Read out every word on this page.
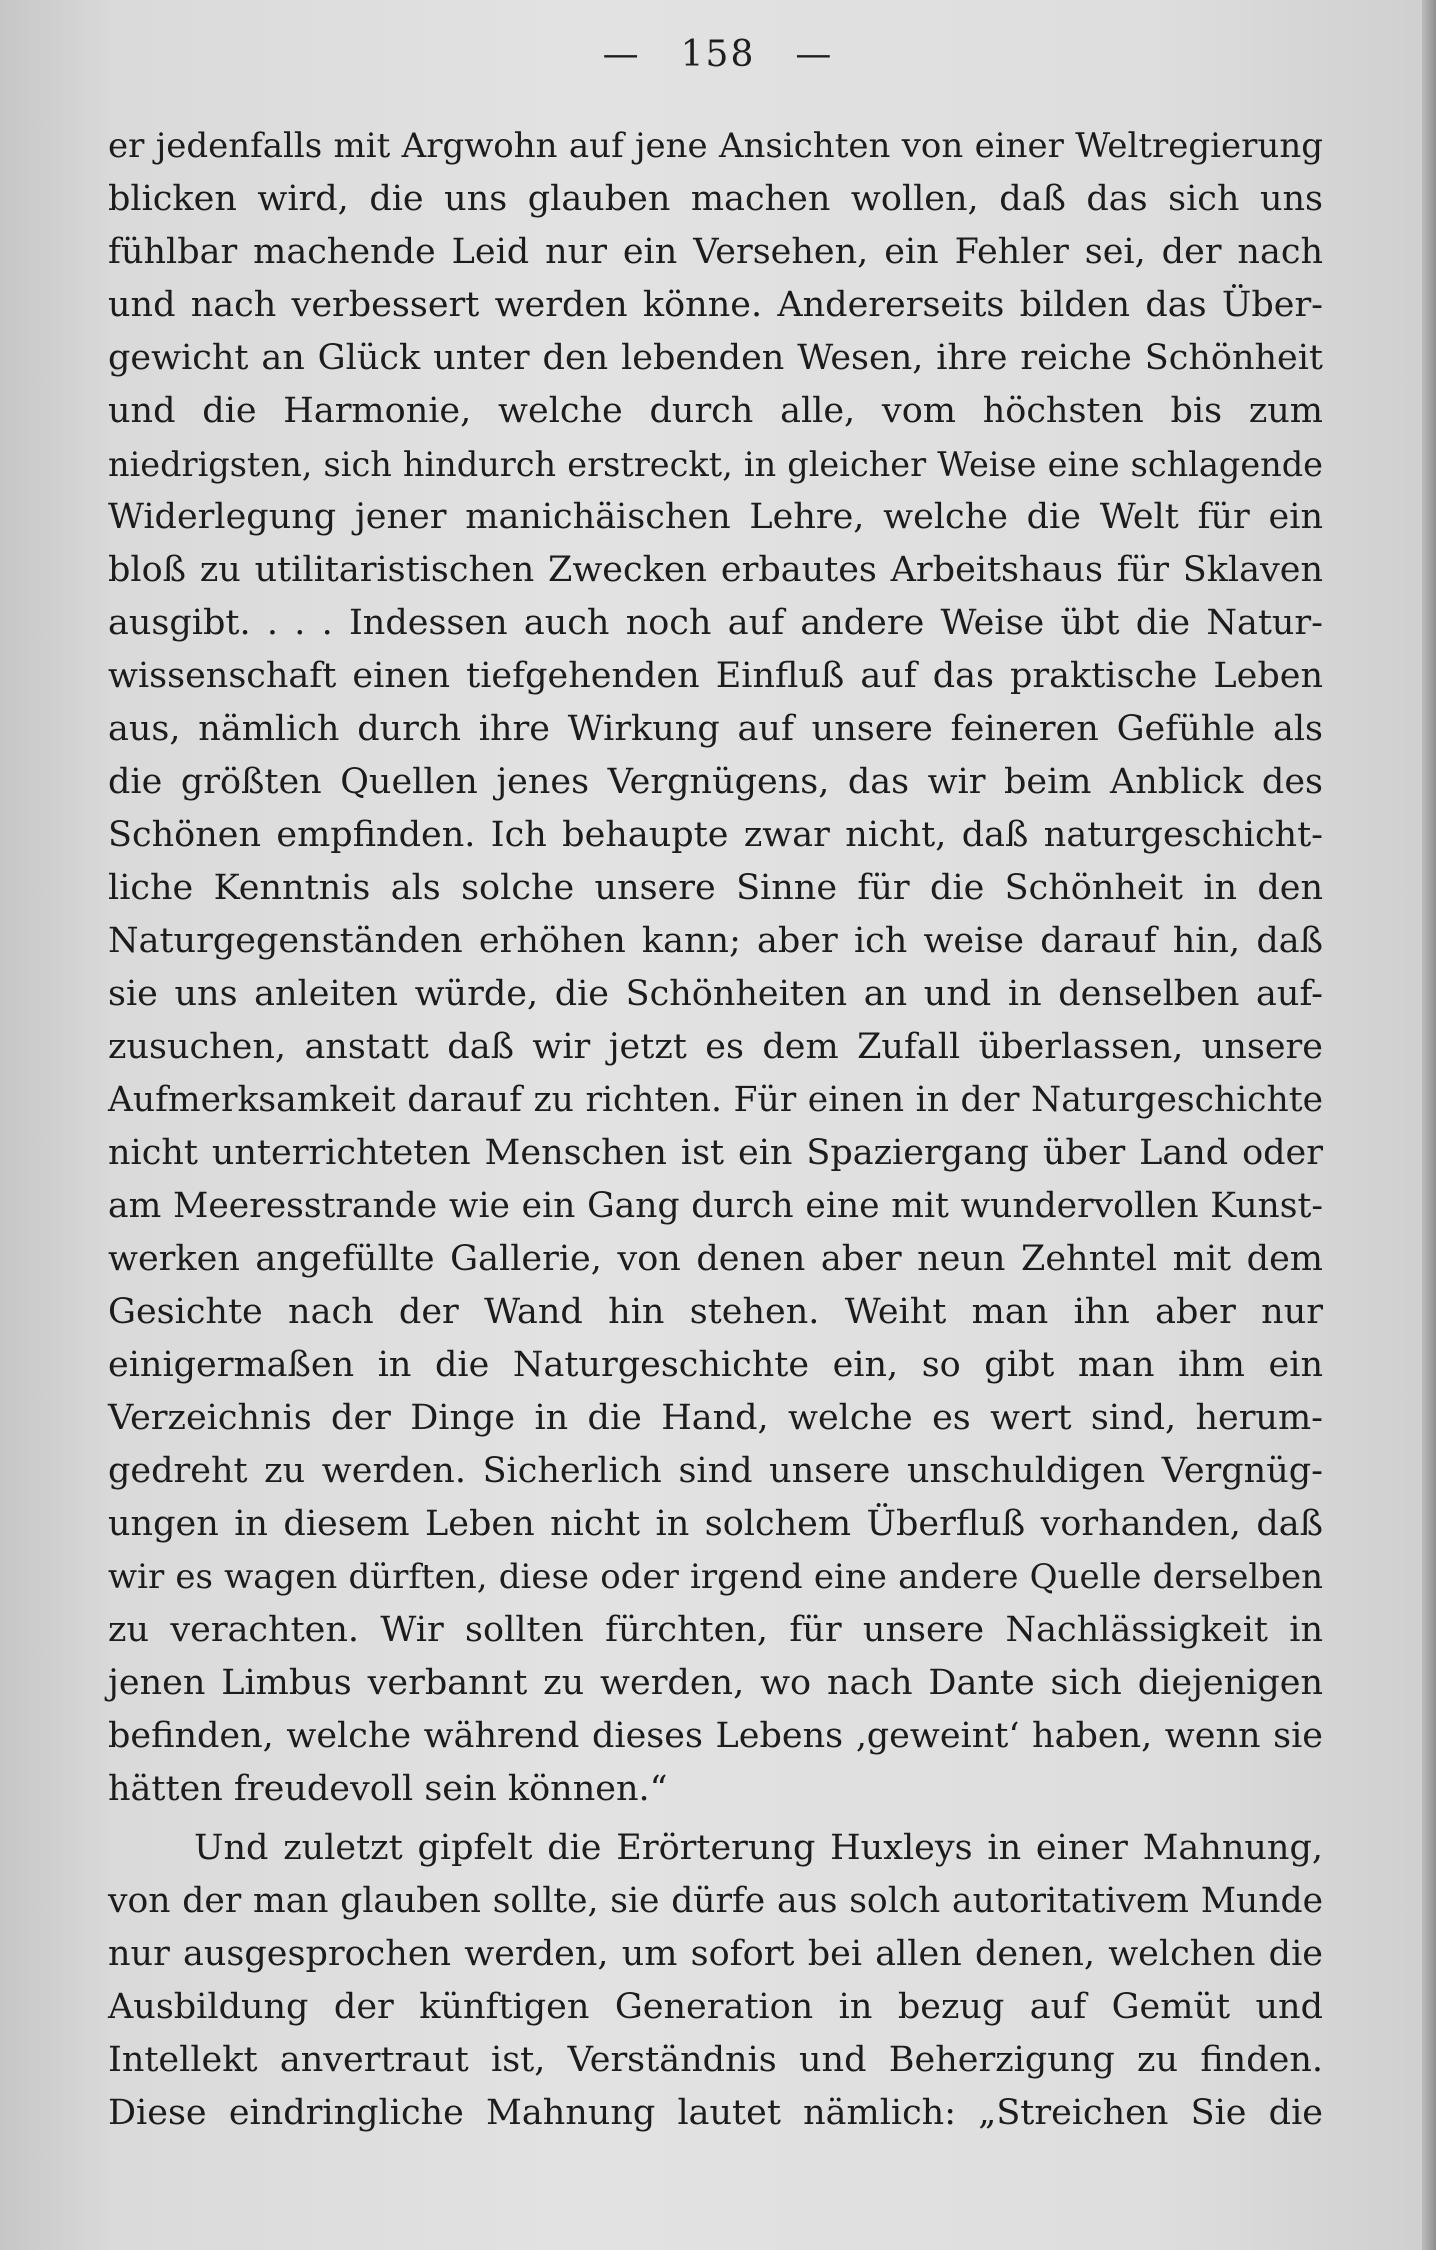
— 158 —
er jedenfalls mit Argwohn auf jene Ansichten von einer Weltregierung
blicken wird, die uns glauben machen wollen, daß das sich uns
fühlbar machende Leid nur ein Versehen, ein Fehler sei, der nach
und nach verbessert werden könne. Andererseits bilden das Über-
gewicht an Glück unter den lebenden Wesen, ihre reiche Schönheit
und die Harmonie, welche durch alle, vom höchsten bis zum
niedrigsten, sich hindurch erstreckt, in gleicher Weise eine schlagende
Widerlegung jener manichäischen Lehre, welche die Welt für ein
bloß zu utilitaristischen Zwecken erbautes Arbeitshaus für Sklaven
ausgibt. . . . Indessen auch noch auf andere Weise übt die Natur-
wissenschaft einen tiefgehenden Einfluß auf das praktische Leben
aus, nämlich durch ihre Wirkung auf unsere feineren Gefühle als
die größten Quellen jenes Vergnügens, das wir beim Anblick des
Schönen empfinden. Ich behaupte zwar nicht, daß naturgeschicht-
liche Kenntnis als solche unsere Sinne für die Schönheit in den
Naturgegenständen erhöhen kann; aber ich weise darauf hin, daß
sie uns anleiten würde, die Schönheiten an und in denselben auf-
zusuchen, anstatt daß wir jetzt es dem Zufall überlassen, unsere
Aufmerksamkeit darauf zu richten. Für einen in der Naturgeschichte
nicht unterrichteten Menschen ist ein Spaziergang über Land oder
am Meeresstrande wie ein Gang durch eine mit wundervollen Kunst-
werken angefüllte Gallerie, von denen aber neun Zehntel mit dem
Gesichte nach der Wand hin stehen. Weiht man ihn aber nur
einigermaßen in die Naturgeschichte ein, so gibt man ihm ein
Verzeichnis der Dinge in die Hand, welche es wert sind, herum-
gedreht zu werden. Sicherlich sind unsere unschuldigen Vergnüg-
ungen in diesem Leben nicht in solchem Überfluß vorhanden, daß
wir es wagen dürften, diese oder irgend eine andere Quelle derselben
zu verachten. Wir sollten fürchten, für unsere Nachlässigkeit in
jenen Limbus verbannt zu werden, wo nach Dante sich diejenigen
befinden, welche während dieses Lebens ‚geweint‘ haben, wenn sie
hätten freudevoll sein können.“
Und zuletzt gipfelt die Erörterung Huxleys in einer Mahnung,
von der man glauben sollte, sie dürfe aus solch autoritativem Munde
nur ausgesprochen werden, um sofort bei allen denen, welchen die
Ausbildung der künftigen Generation in bezug auf Gemüt und
Intellekt anvertraut ist, Verständnis und Beherzigung zu finden.
Diese eindringliche Mahnung lautet nämlich: „Streichen Sie die
